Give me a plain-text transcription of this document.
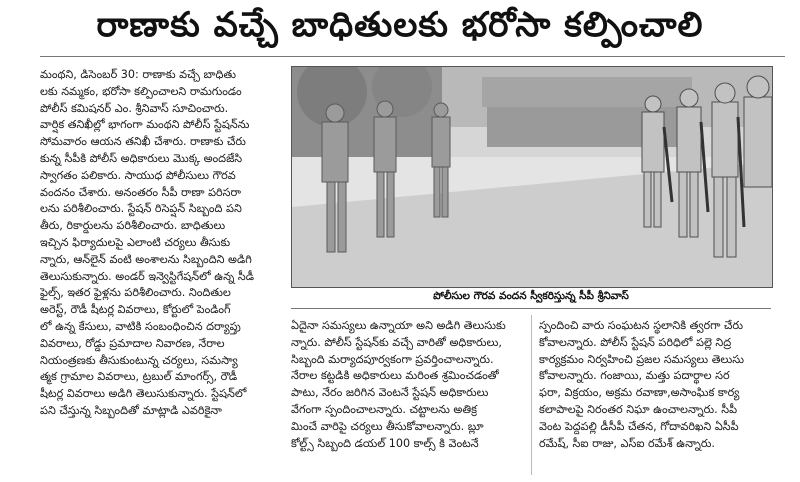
రాణాకు వచ్చే బాధితులకు భరోసా కల్పించాలి
మంథని, డిసెంబర్ 30: రాణాకు వచ్చే బాధితు
లకు నమ్మకం, భరోసా కల్పించాలని రామగుండం
పోలీస్ కమిషనర్ ఎం. శ్రీనివాస్ సూచించారు.
వార్షిక తనిఖీల్లో భాగంగా మంథని పోలీస్ స్టేషన్‌ను
సోమవారం ఆయన తనిఖీ చేశారు. రాణాకు చేరు
కున్న సీపీకి పోలీస్ అధికారులు మొక్క అందజేసి
స్వాగతం పలికారు. సాయుధ పోలీసులు గౌరవ
వందనం చేశారు. అనంతరం సీపీ రాణా పరిసరా
లను పరిశీలించారు. స్టేషన్ రిసెప్షన్ సిబ్బంది పని
తీరు, రికార్డులను పరిశీలించారు. బాధితులు
ఇచ్చిన ఫిర్యాదులపై ఎలాంటి చర్యలు తీసుకు
న్నారు, ఆన్‌లైన్ వంటి అంశాలను సిబ్బందిని అడిగి
తెలుసుకున్నారు. అండర్ ఇన్వెస్టిగేషన్‌లో ఉన్న సీడీ
ఫైల్స్, ఇతర ఫైళ్లను పరిశీలించారు. నిందితుల
అరెస్ట్, రౌడీ షీటర్ల వివరాలు, కోర్టులో పెండింగ్
లో ఉన్న కేసులు, వాటికి సంబంధించిన దర్యాప్తు
వివరాలు, రోడ్డు ప్రమాదాల నివారణ, నేరాల
నియంత్రణకు తీసుకుంటున్న చర్యలు, సమస్యా
త్మక గ్రామాల వివరాలు, ట్రబుల్ మాంగర్స్, రౌడీ
షీటర్ల వివరాలు అడిగి తెలుసుకున్నారు. స్టేషన్‌లో
పని చేస్తున్న సిబ్బందితో మాట్లాడి ఎవరికైనా
పోలీసుల గౌరవ వందన స్వీకరిస్తున్న సీపీ శ్రీనివాస్
ఏదైనా సమస్యలు ఉన్నాయా అని అడిగి తెలుసుకు
న్నారు. పోలీస్ స్టేషన్‌కు వచ్చే వారితో అధికారులు,
సిబ్బంది మర్యాదపూర్వకంగా ప్రవర్తించాలన్నారు.
నేరాల కట్టడికి అధికారులు మరింత శ్రమించడంతో
పాటు, నేరం జరిగిన వెంటనే స్టేషన్ అధికారులు
వేగంగా స్పందించాలన్నారు. చట్టాలను అతిక్ర
మించే వారిపై చర్యలు తీసుకోవాలన్నారు. బ్లూ
కోల్ట్స్ సిబ్బంది డయల్ 100 కాల్స్ కి వెంటనే
స్పందించి వారు సంఘటన స్థలానికి త్వరగా చేరు
కోవాలన్నారు. పోలీస్ స్టేషన్ పరిధిలో పల్లె నిద్ర
కార్యక్రమం నిర్వహించి ప్రజల సమస్యలు తెలుసు
కోవాలన్నారు. గంజాయి, మత్తు పదార్థాల సర
ఫరా, విక్రయం, అక్రమ రవాణా,అసాంఘిక కార్య
కలాపాలపై నిరంతర నిఘా ఉంచాలన్నారు. సీపీ
వెంట పెద్దపల్లి డీసీపీ చేతన, గోదావరిఖని ఏసీపీ
రమేష్, సీఐ రాజు, ఎస్ఐ రమేశ్ ఉన్నారు.
